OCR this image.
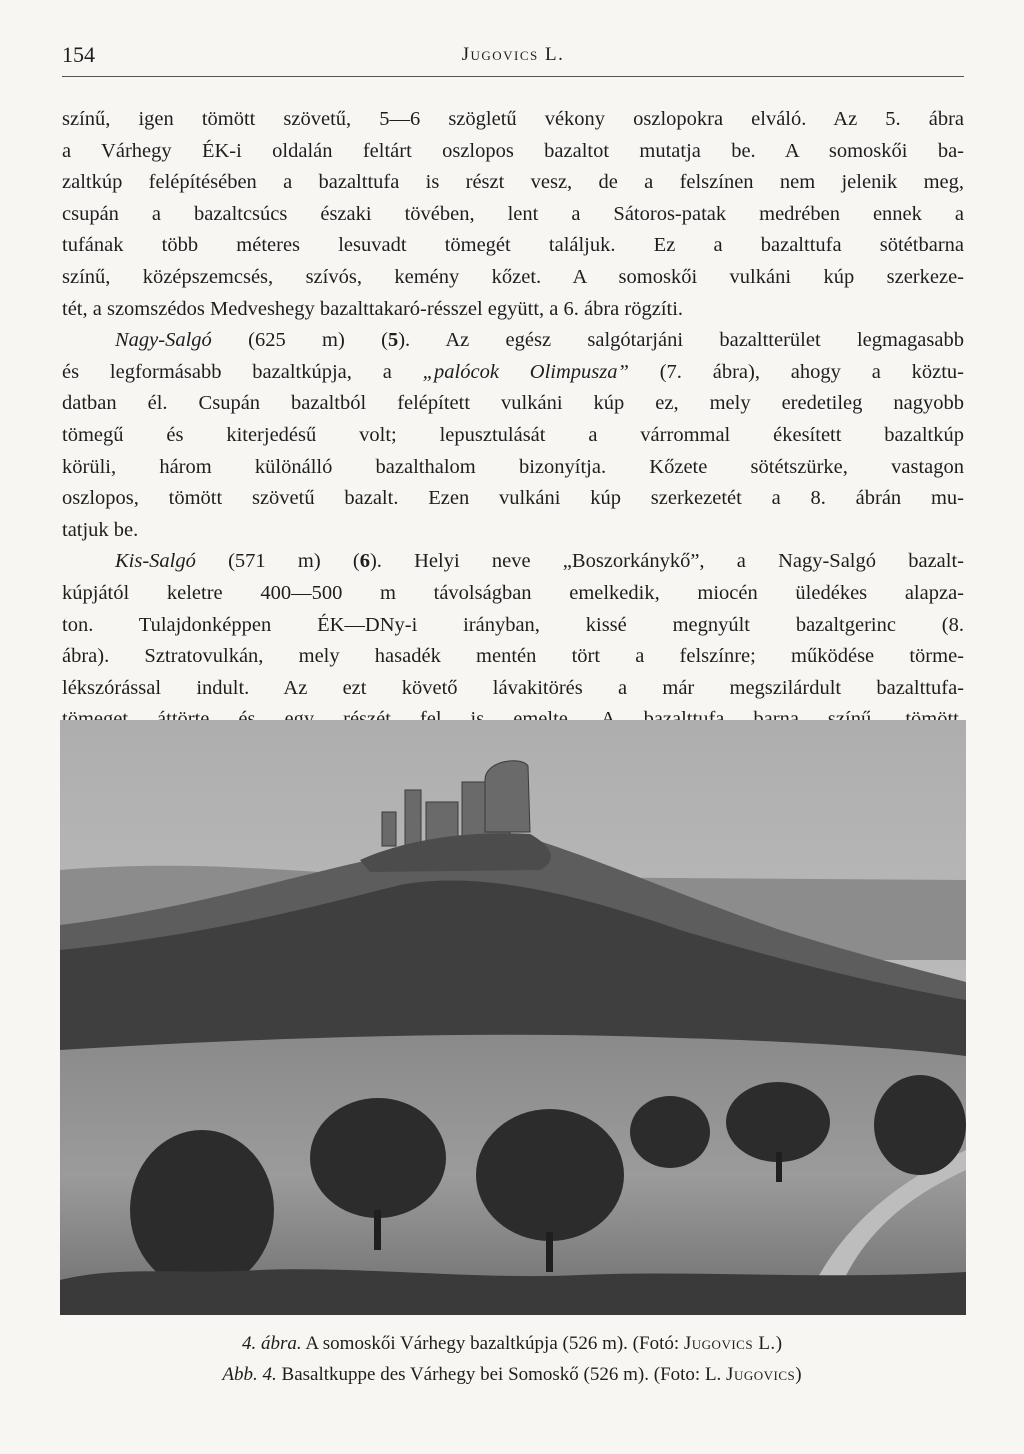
154	Jugovics L.

színű, igen tömött szövetű, 5—6 szögletű vékony oszlopokra elváló. Az 5. ábra

a Várhegy ÉK-i oldalán feltárt oszlopos bazaltot mutatja be. A somoskői ba-

zaltkúp felépítésében a bazalttufa is részt vesz, de a felszínen nem jelenik meg,

csupán a bazaltcsúcs északi tövében, lent a Sátoros-patak medrében ennek a

tufának több méteres lesuvadt tömegét találjuk. Ez a bazalttufa sötétbarna

színű, középszemcsés, szívós, kemény kőzet. A somoskői vulkáni kúp szerkeze-

tét, a szomszédos Medveshegy bazalttakaró-résszel együtt, a 6. ábra rögzíti.

Nagy-Salgó (625 m) (5). Az egész salgótarjáni bazaltterület legmagasabb

és legformásabb bazaltkúpja, a „palócok Olimpusza” (7. ábra), ahogy a köztu-

datban él. Csupán bazaltból felépített vulkáni kúp ez, mely eredetileg nagyobb

tömegű és kiterjedésű volt; lepusztulását a várrommal ékesített bazaltkúp

körüli, három különálló bazalthalom bizonyítja. Kőzete sötétszürke, vastagon

oszlopos, tömött szövetű bazalt. Ezen vulkáni kúp szerkezetét a 8. ábrán mu-

tatjuk be.

Kis-Salgó (571 m) (6). Helyi neve „Boszorkánykő”, a Nagy-Salgó bazalt-

kúpjától keletre 400—500 m távolságban emelkedik, miocén üledékes alapza-

ton. Tulajdonképpen ÉK—DNy-i irányban, kissé megnyúlt bazaltgerinc (8.

ábra). Sztratovulkán, mely hasadék mentén tört a felszínre; működése törme-

lékszórással indult. Az ezt követő lávakitörés a már megszilárdult bazalttufa-

4. ábra. A somoskői Várhegy bazaltkúpja (526 m). (Fotó: Jugovics L.)
Abb. 4. Basaltkuppe des Várhegy bei Somoskő (526 m). (Foto: L. Jugovics)
